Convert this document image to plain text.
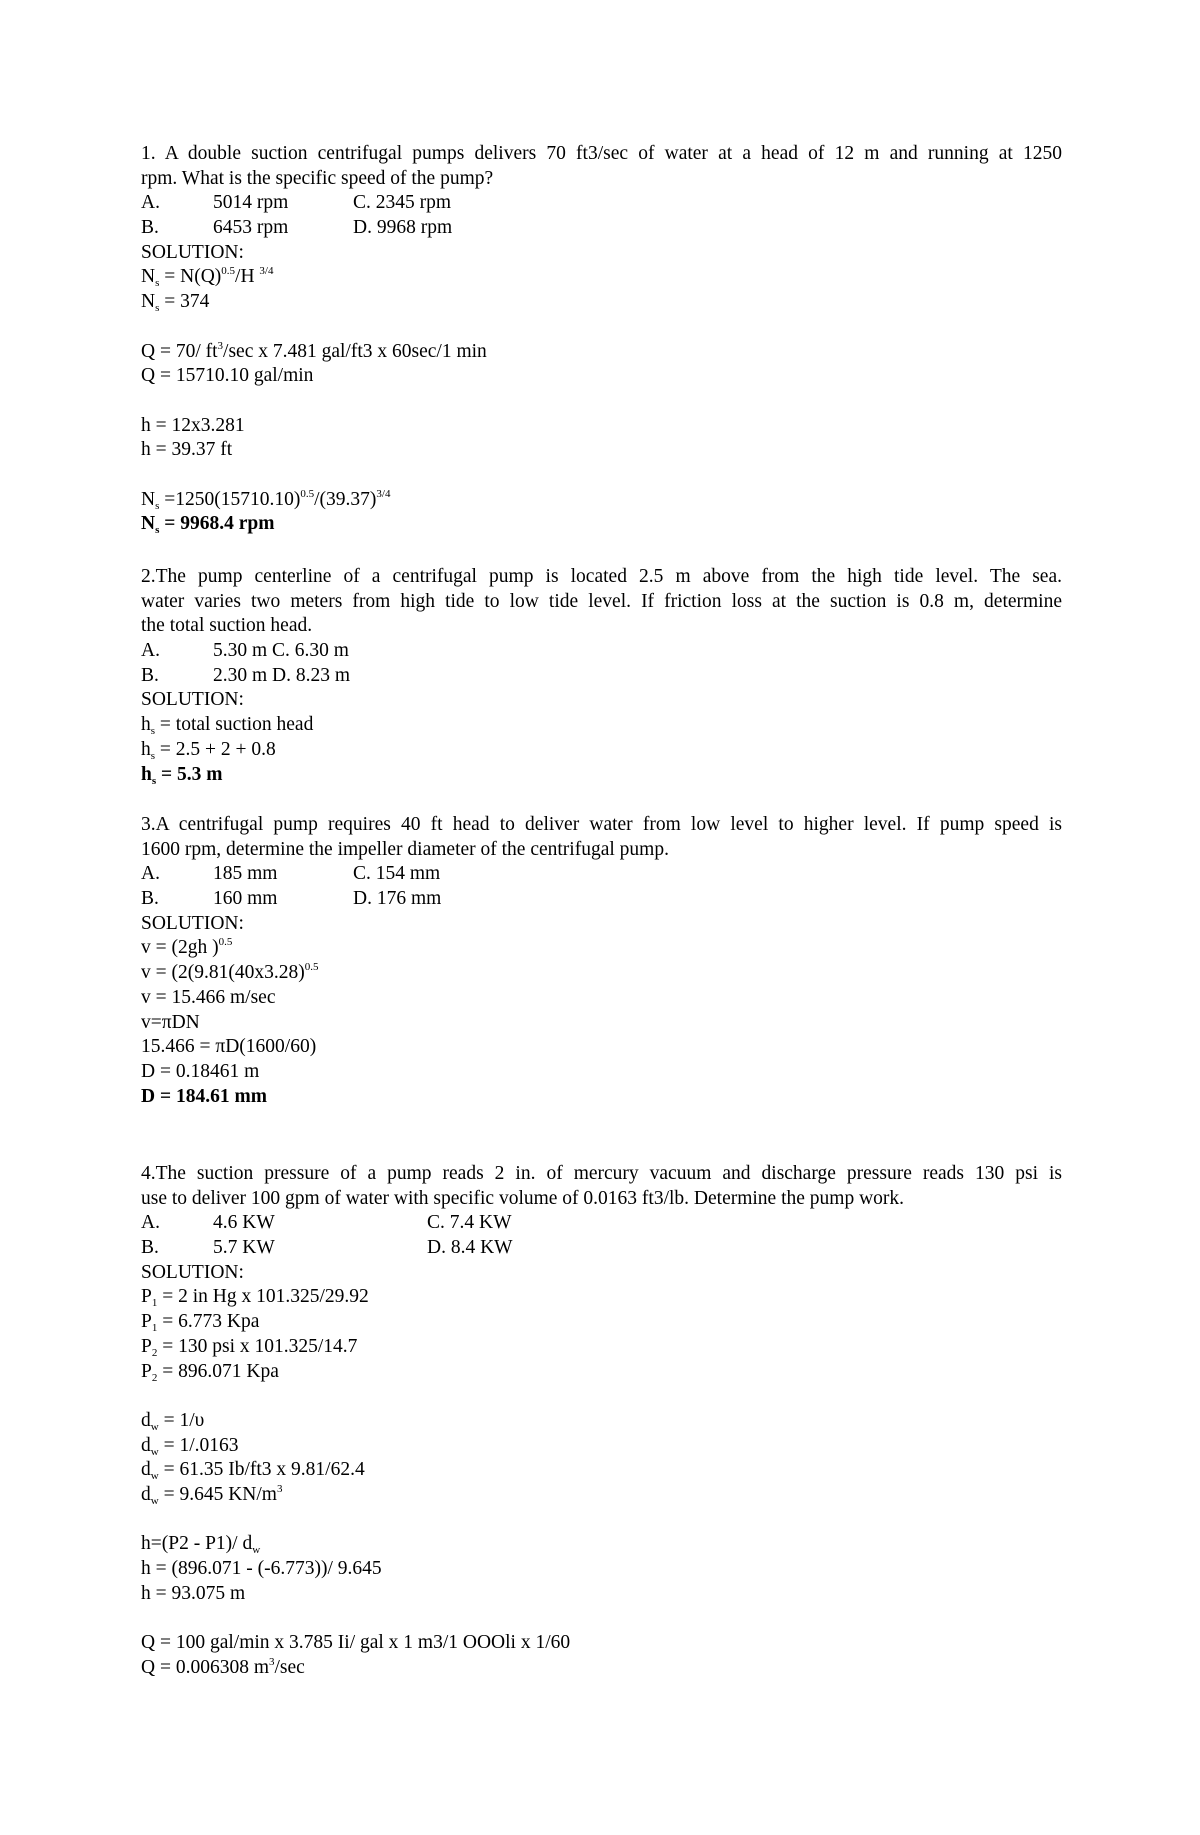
1. A double suction centrifugal pumps delivers 70 ft3/sec of water at a head of 12 m and running at 1250
rpm. What is the specific speed of the pump?
A.	5014 rpm	C. 2345 rpm
B.	6453 rpm	D. 9968 rpm
SOLUTION:
$N_s = N(Q)^{0.5}/H$ $^{3/4}$
$N_s = 374$
Q = 70/ $ft^3/\sec$ x 7.481 gal/ft3 x 60sec/1 min
Q = 15710.10 gal/min
h = 12x3.281
h = 39.37 ft
$N_s =1250(15710.10)^{0.5}/(39.37)^{3/4}$
$N_s = 9968.4$ rpm
2.The pump centerline of a centrifugal pump is located 2.5 m above from the high tide level. The sea.
water varies two meters from high tide to low tide level. If friction loss at the suction is 0.8 m, determine
the total suction head.
A.	5.30 m C. 6.30 m
B.	2.30 m D. 8.23 m
SOLUTION:
$h_s$ = total suction head
$h_s = 2.5 + 2 + 0.8$
$h_s = 5.3$ m
3.A centrifugal pump requires 40 ft head to deliver water from low level to higher level. If pump speed is
1600 rpm, determine the impeller diameter of the centrifugal pump.
A.	185 mm	C. 154 mm
B.	160 mm	D. 176 mm
SOLUTION:
v = (2gh )$^{0.5}$
$v = (2(9.81(40x3.28)^{0.5}$
v = 15.466 m/sec
v=πDN
15.466 = πD(1600/60)
D = 0.18461 m
D = 184.61 mm
4.The suction pressure of a pump reads 2 in. of mercury vacuum and discharge pressure reads 130 psi is
use to deliver 100 gpm of water with specific volume of 0.0163 ft3/lb. Determine the pump work.
A.	4.6 KW	C. 7.4 KW
B.	5.7 KW	D. 8.4 KW
SOLUTION:
$P_1 = 2$ in Hg x 101.325/29.92
$P_1 = 6.773$ Kpa
$P_2 = 130$ psi x 101.325/14.7
$P_2 = 896.071$ Kpa
$d_w = 1/\upsilon$
$d_w = 1/.0163$
$d_w = 61.35$ Ib/ft3 x 9.81/62.4
$d_w = 9.645$ $KN/m^3$
h=(P2 - P1)/ $d_w$
h = (896.071 - (-6.773))/ 9.645
h = 93.075 m
Q = 100 gal/min x 3.785 Ii/ gal x 1 m3/1 OOOli x 1/60
Q = 0.006308 $m^3/\sec$
